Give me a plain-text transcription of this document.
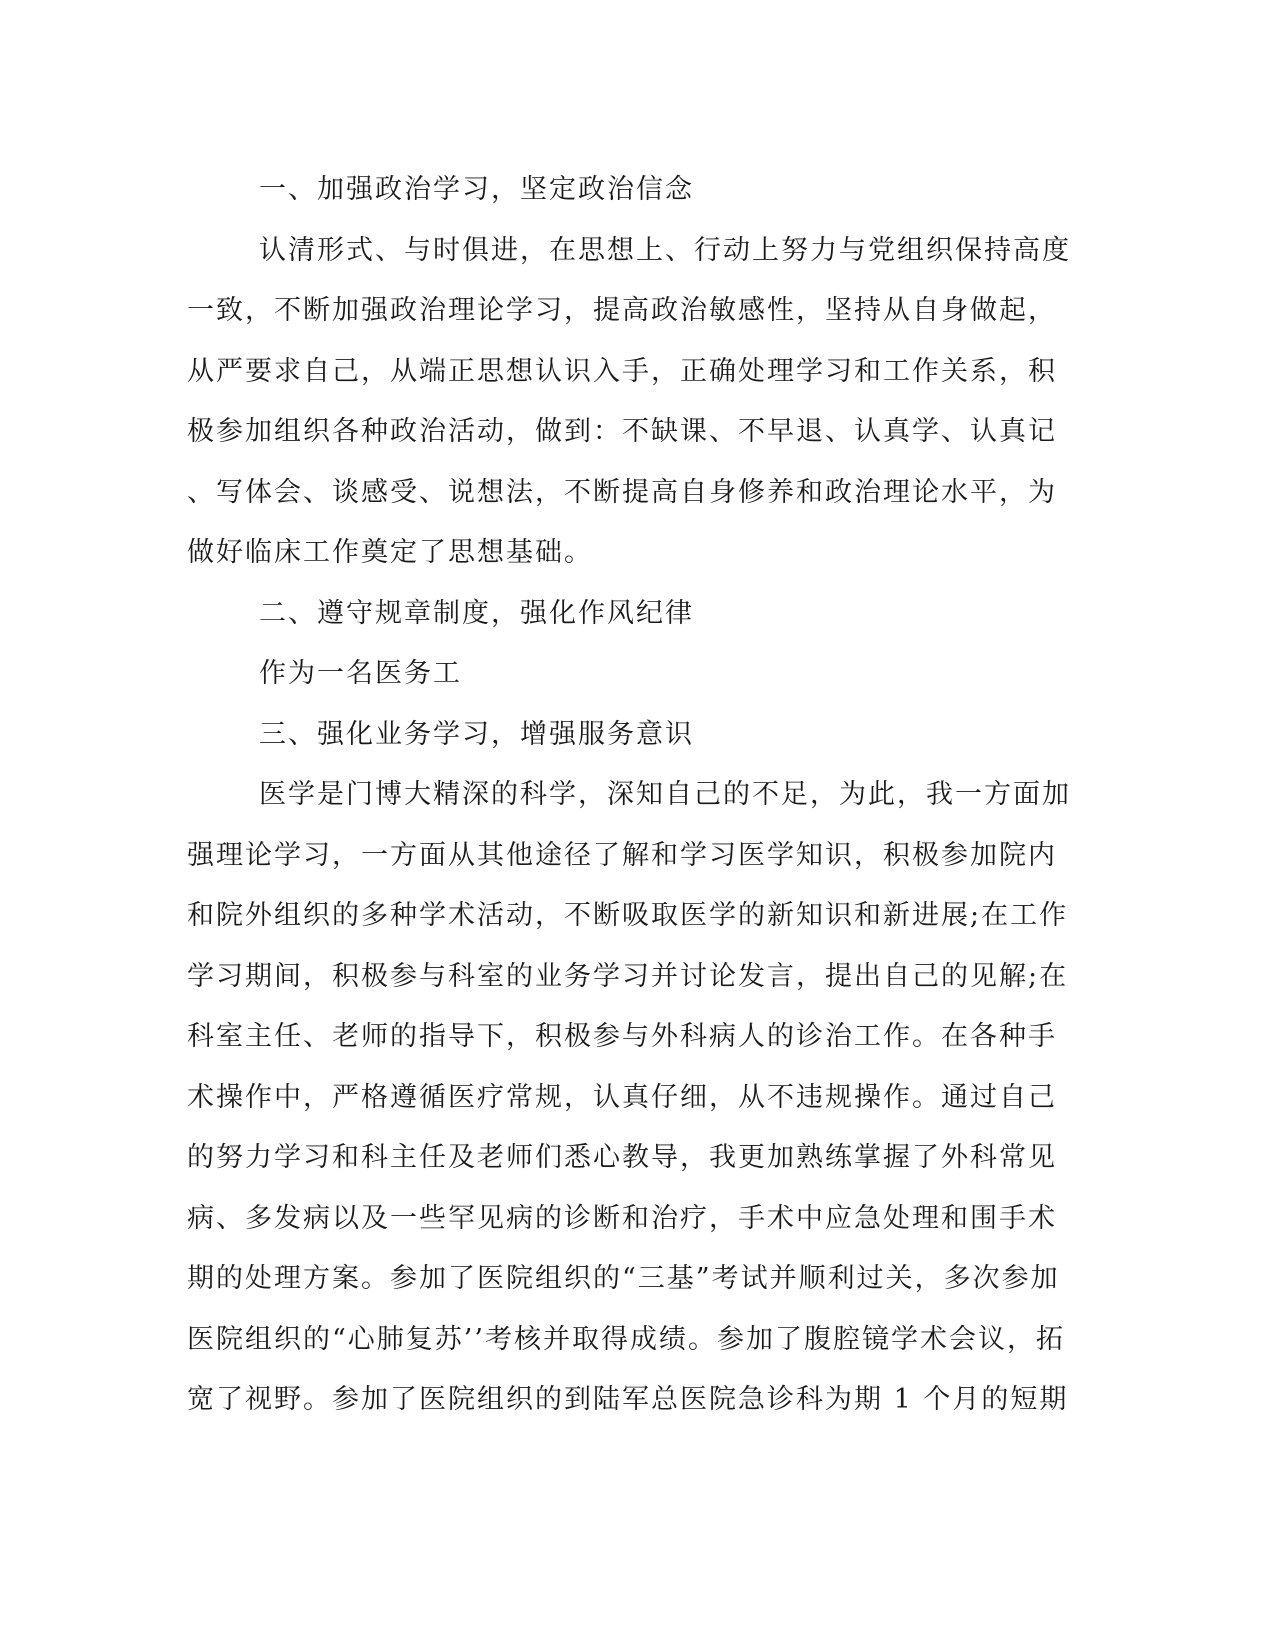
一、加强政治学习，坚定政治信念
认清形式、与时俱进，在思想上、行动上努力与党组织保持高度
一致，不断加强政治理论学习，提高政治敏感性，坚持从自身做起，
从严要求自己，从端正思想认识入手，正确处理学习和工作关系，积
极参加组织各种政治活动，做到：不缺课、不早退、认真学、认真记
、写体会、谈感受、说想法，不断提高自身修养和政治理论水平，为
做好临床工作奠定了思想基础。
二、遵守规章制度，强化作风纪律
作为一名医务工
三、强化业务学习，增强服务意识
医学是门博大精深的科学，深知自己的不足，为此，我一方面加
强理论学习，一方面从其他途径了解和学习医学知识，积极参加院内
和院外组织的多种学术活动，不断吸取医学的新知识和新进展;在工作
学习期间，积极参与科室的业务学习并讨论发言，提出自己的见解;在
科室主任、老师的指导下，积极参与外科病人的诊治工作。在各种手
术操作中，严格遵循医疗常规，认真仔细，从不违规操作。通过自己
的努力学习和科主任及老师们悉心教导，我更加熟练掌握了外科常见
病、多发病以及一些罕见病的诊断和治疗，手术中应急处理和围手术
期的处理方案。参加了医院组织的“三基”考试并顺利过关，多次参加
医院组织的“心肺复苏’’考核并取得成绩。参加了腹腔镜学术会议，拓
宽了视野。参加了医院组织的到陆军总医院急诊科为期 1 个月的短期
